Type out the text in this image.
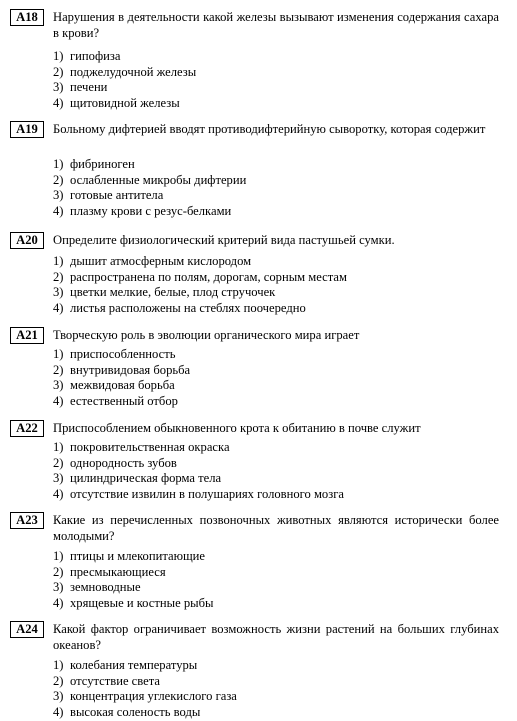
A18	Нарушения в деятельности какой железы вызывают изменения содержания сахара в крови?
1) гипофиза
2) поджелудочной железы
3) печени
4) щитовидной железы
A19	Больному дифтерией вводят противодифтерийную сыворотку, которая содержит
1) фибриноген
2) ослабленные микробы дифтерии
3) готовые антитела
4) плазму крови с резус-белками
A20	Определите физиологический критерий вида пастушьей сумки.
1) дышит атмосферным кислородом
2) распространена по полям, дорогам, сорным местам
3) цветки мелкие, белые, плод стручочек
4) листья расположены на стеблях поочередно
A21	Творческую роль в эволюции органического мира играет
1) приспособленность
2) внутривидовая борьба
3) межвидовая борьба
4) естественный отбор
A22	Приспособлением обыкновенного крота к обитанию в почве служит
1) покровительственная окраска
2) однородность зубов
3) цилиндрическая форма тела
4) отсутствие извилин в полушариях головного мозга
A23	Какие из перечисленных позвоночных животных являются исторически более молодыми?
1) птицы и млекопитающие
2) пресмыкающиеся
3) земноводные
4) хрящевые и костные рыбы
A24	Какой фактор ограничивает возможность жизни растений на больших глубинах океанов?
1) колебания температуры
2) отсутствие света
3) концентрация углекислого газа
4) высокая соленость воды
